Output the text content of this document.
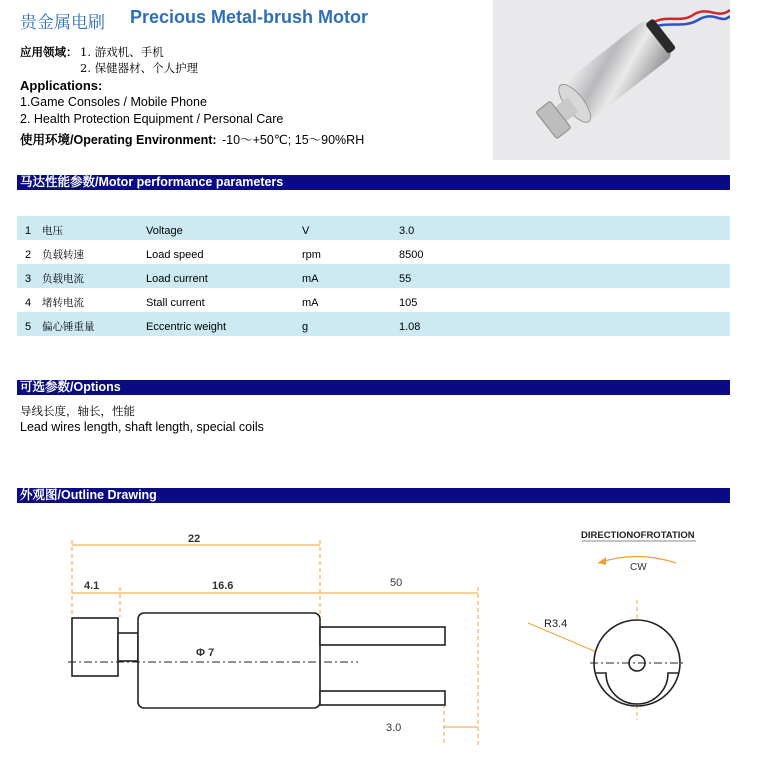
贵金属电刷 Precious Metal-brush Motor
应用领域： 1. 游戏机、手机
2. 保健器材、个人护理
Applications:
1.Game Consoles / Mobile Phone
2. Health Protection Equipment / Personal Care
使用环境/Operating Environment: -10～+50℃; 15～90%RH
马达性能参数/Motor performance parameters
1 电压	Voltage	V	3.0
2 负载转速	Load speed	rpm	8500
3 负载电流	Load current	mA	55
4 堵转电流	Stall current	mA	105
5 偏心锤重量	Eccentric weight	g	1.08
可选参数/Options
导线长度，轴长，性能
Lead wires length, shaft length, special coils
外观图/Outline Drawing
22
4.1	16.6	50
Φ 7
3.0
DIRECTIONOFROTATION
CW
R3.4
